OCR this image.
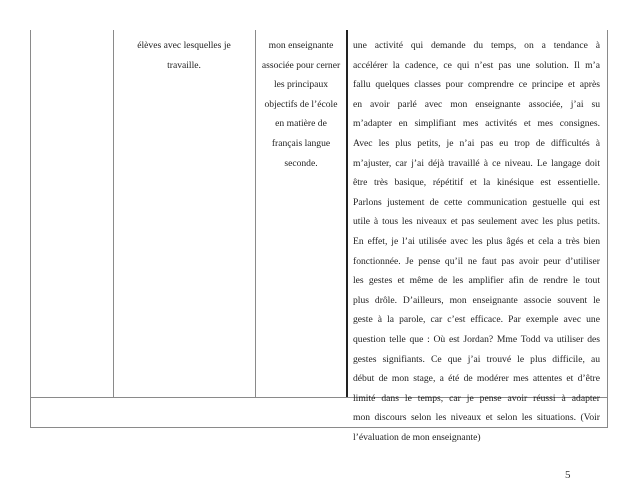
élèves avec lesquelles je
travaille.
mon enseignante
associée pour cerner
les principaux
objectifs de l’école
en matière de
français langue
seconde.
une activité qui demande du temps, on a tendance à
accélérer la cadence, ce qui n’est pas une solution. Il m’a
fallu quelques classes pour comprendre ce principe et après
en avoir parlé avec mon enseignante associée, j’ai su
m’adapter en simplifiant mes activités et mes consignes.
Avec les plus petits, je n’ai pas eu trop de difficultés à
m’ajuster, car j’ai déjà travaillé à ce niveau. Le langage doit
être très basique, répétitif et la kinésique est essentielle.
Parlons justement de cette communication gestuelle qui est
utile à tous les niveaux et pas seulement avec les plus petits.
En effet, je l’ai utilisée avec les plus âgés et cela a très bien
fonctionnée. Je pense qu’il ne faut pas avoir peur d’utiliser
les gestes et même de les amplifier afin de rendre le tout
plus drôle. D’ailleurs, mon enseignante associe souvent le
geste à la parole, car c’est efficace. Par exemple avec une
question telle que : Où est Jordan? Mme Todd va utiliser des
gestes signifiants. Ce que j’ai trouvé le plus difficile, au
début de mon stage, a été de modérer mes attentes et d’être
limité dans le temps, car je pense avoir réussi à adapter
mon discours selon les niveaux et selon les situations. (Voir
l’évaluation de mon enseignante)
5
